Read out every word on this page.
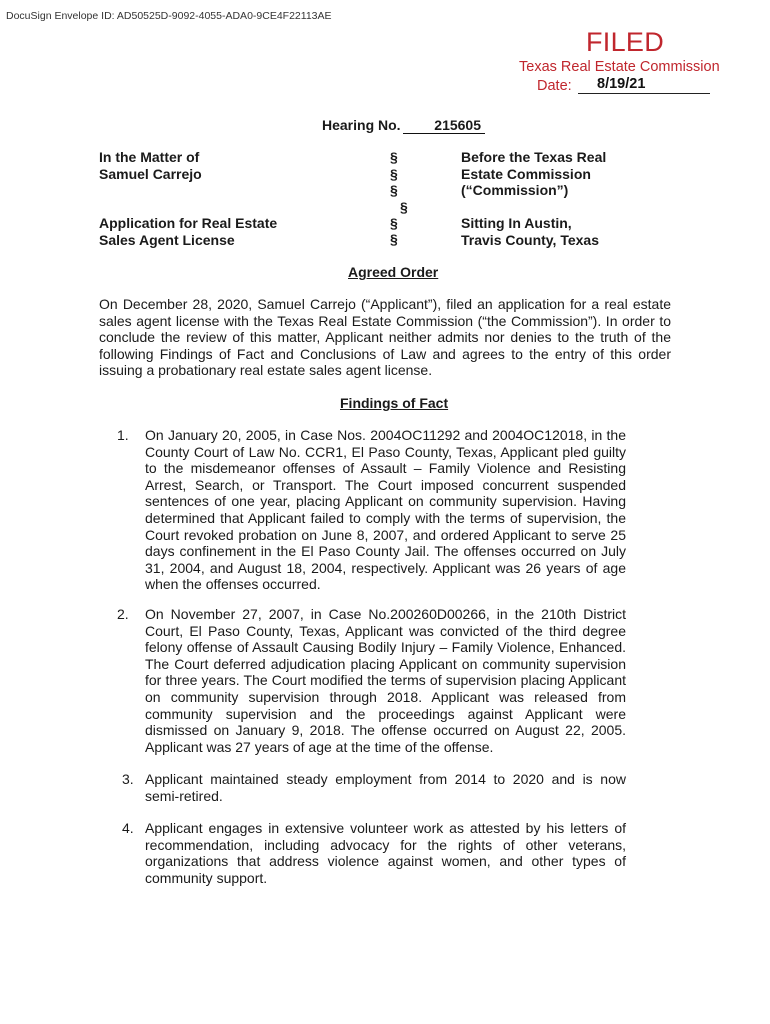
DocuSign Envelope ID: AD50525D-9092-4055-ADA0-9CE4F22113AE
FILED
Texas Real Estate Commission
Date: 8/19/21
Hearing No.	215605
In the Matter of
Samuel Carrejo
Application for Real Estate
Sales Agent License
§
§
§
§
§
§
Before the Texas Real
Estate Commission
(“Commission”)
Sitting In Austin,
Travis County, Texas
Agreed Order
On December 28, 2020, Samuel Carrejo (“Applicant”), filed an application for a real estate sales agent license with the Texas Real Estate Commission (“the Commission”). In order to conclude the review of this matter, Applicant neither admits nor denies to the truth of the following Findings of Fact and Conclusions of Law and agrees to the entry of this order issuing a probationary real estate sales agent license.
Findings of Fact
1. On January 20, 2005, in Case Nos. 2004OC11292 and 2004OC12018, in the County Court of Law No. CCR1, El Paso County, Texas, Applicant pled guilty to the misdemeanor offenses of Assault – Family Violence and Resisting Arrest, Search, or Transport. The Court imposed concurrent suspended sentences of one year, placing Applicant on community supervision. Having determined that Applicant failed to comply with the terms of supervision, the Court revoked probation on June 8, 2007, and ordered Applicant to serve 25 days confinement in the El Paso County Jail. The offenses occurred on July 31, 2004, and August 18, 2004, respectively. Applicant was 26 years of age when the offenses occurred.
2. On November 27, 2007, in Case No.200260D00266, in the 210th District Court, El Paso County, Texas, Applicant was convicted of the third degree felony offense of Assault Causing Bodily Injury – Family Violence, Enhanced. The Court deferred adjudication placing Applicant on community supervision for three years. The Court modified the terms of supervision placing Applicant on community supervision through 2018. Applicant was released from community supervision and the proceedings against Applicant were dismissed on January 9, 2018. The offense occurred on August 22, 2005. Applicant was 27 years of age at the time of the offense.
3. Applicant maintained steady employment from 2014 to 2020 and is now semi-retired.
4. Applicant engages in extensive volunteer work as attested by his letters of recommendation, including advocacy for the rights of other veterans, organizations that address violence against women, and other types of community support.
